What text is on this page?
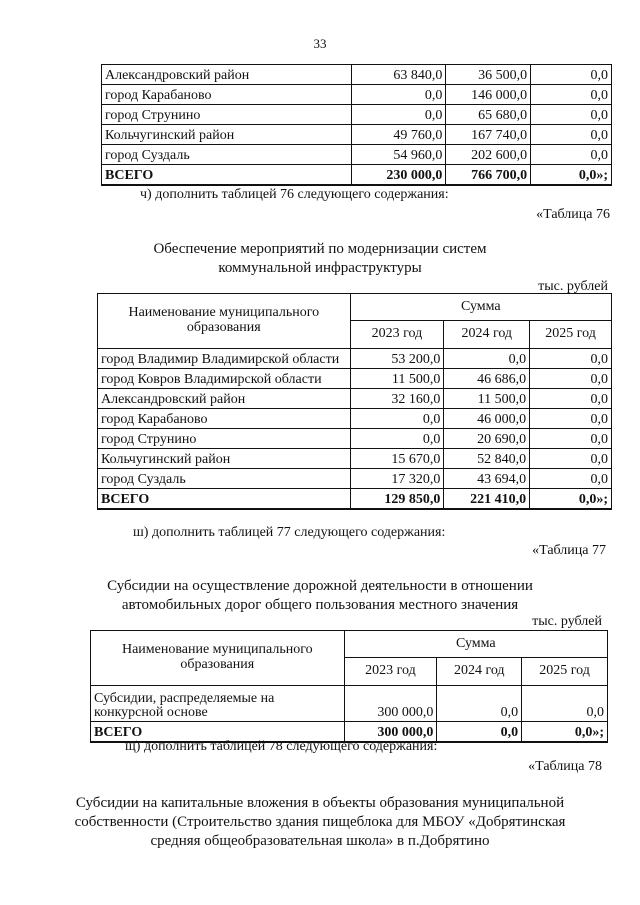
33
Александровский район	63 840,0	36 500,0	0,0
город Карабаново	0,0	146 000,0	0,0
город Струнино	0,0	65 680,0	0,0
Кольчугинский район	49 760,0	167 740,0	0,0
город Суздаль	54 960,0	202 600,0	0,0
ВСЕГО	230 000,0	766 700,0	0,0»;
ч) дополнить таблицей 76 следующего содержания:
«Таблица 76
Обеспечение мероприятий по модернизации систем
коммунальной инфраструктуры
тыс. рублей
Наименование муниципального образования	Сумма		
	2023 год	2024 год	2025 год
город Владимир Владимирской области	53 200,0	0,0	0,0
город Ковров Владимирской области	11 500,0	46 686,0	0,0
Александровский район	32 160,0	11 500,0	0,0
город Карабаново	0,0	46 000,0	0,0
город Струнино	0,0	20 690,0	0,0
Кольчугинский район	15 670,0	52 840,0	0,0
город Суздаль	17 320,0	43 694,0	0,0
ВСЕГО	129 850,0	221 410,0	0,0»;
ш) дополнить таблицей 77 следующего содержания:
«Таблица 77
Субсидии на осуществление дорожной деятельности в отношении
автомобильных дорог общего пользования местного значения
тыс. рублей
Наименование муниципального образования	Сумма		
	2023 год	2024 год	2025 год
Субсидии, распределяемые на конкурсной основе	300 000,0	0,0	0,0
ВСЕГО	300 000,0	0,0	0,0»;
щ) дополнить таблицей 78 следующего содержания:
«Таблица 78
Субсидии на капитальные вложения в объекты образования муниципальной
собственности (Строительство здания пищеблока для МБОУ «Добрятинская
средняя общеобразовательная школа» в п.Добрятино
